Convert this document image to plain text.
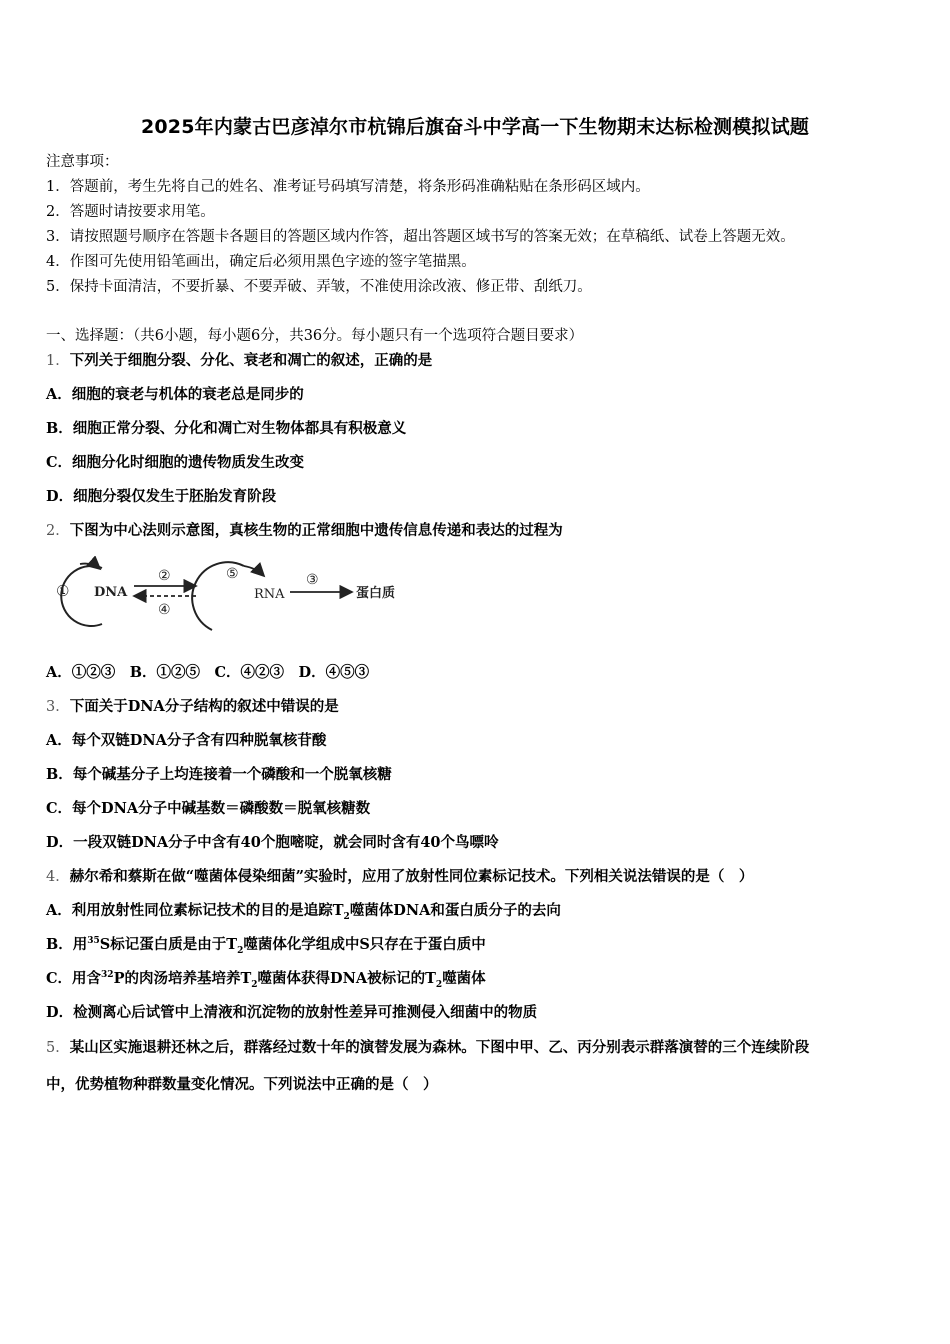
2025年内蒙古巴彦淖尔市杭锦后旗奋斗中学高一下生物期末达标检测模拟试题
注意事项：
1．答题前，考生先将自己的姓名、准考证号码填写清楚，将条形码准确粘贴在条形码区域内。
2．答题时请按要求用笔。
3．请按照题号顺序在答题卡各题目的答题区域内作答，超出答题区域书写的答案无效；在草稿纸、试卷上答题无效。
4．作图可先使用铅笔画出，确定后必须用黑色字迹的签字笔描黑。
5．保持卡面清洁，不要折暴、不要弄破、弄皱，不准使用涂改液、修正带、刮纸刀。
一、选择题：（共6小题，每小题6分，共36分。每小题只有一个选项符合题目要求）
1．下列关于细胞分裂、分化、衰老和凋亡的叙述，正确的是
A．细胞的衰老与机体的衰老总是同步的
B．细胞正常分裂、分化和凋亡对生物体都具有积极意义
C．细胞分化时细胞的遗传物质发生改变
D．细胞分裂仅发生于胚胎发育阶段
2．下图为中心法则示意图，真核生物的正常细胞中遗传信息传递和表达的过程为
① DNA
②
④
⑤
RNA
③
蛋白质
A．①②③　B．①②⑤　C．④②③　D．④⑤③
3．下面关于DNA分子结构的叙述中错误的是
A．每个双链DNA分子含有四种脱氧核苷酸
B．每个碱基分子上均连接着一个磷酸和一个脱氧核糖
C．每个DNA分子中碱基数＝磷酸数＝脱氧核糖数
D．一段双链DNA分子中含有40个胞嘧啶，就会同时含有40个鸟嘌呤
4．赫尔希和蔡斯在做“噬菌体侵染细菌”实验时，应用了放射性同位素标记技术。下列相关说法错误的是（　）
A．利用放射性同位素标记技术的目的是追踪$T_2$噬菌体DNA和蛋白质分子的去向
B．用$^{35}$S标记蛋白质是由于$T_2$噬菌体化学组成中S只存在于蛋白质中
C．用含$^{32}$P的肉汤培养基培养$T_2$噬菌体获得DNA被标记的$T_2$噬菌体
D．检测离心后试管中上清液和沉淀物的放射性差异可推测侵入细菌中的物质
5．某山区实施退耕还林之后，群落经过数十年的演替发展为森林。下图中甲、乙、丙分别表示群落演替的三个连续阶段
中，优势植物种群数量变化情况。下列说法中正确的是（　）
